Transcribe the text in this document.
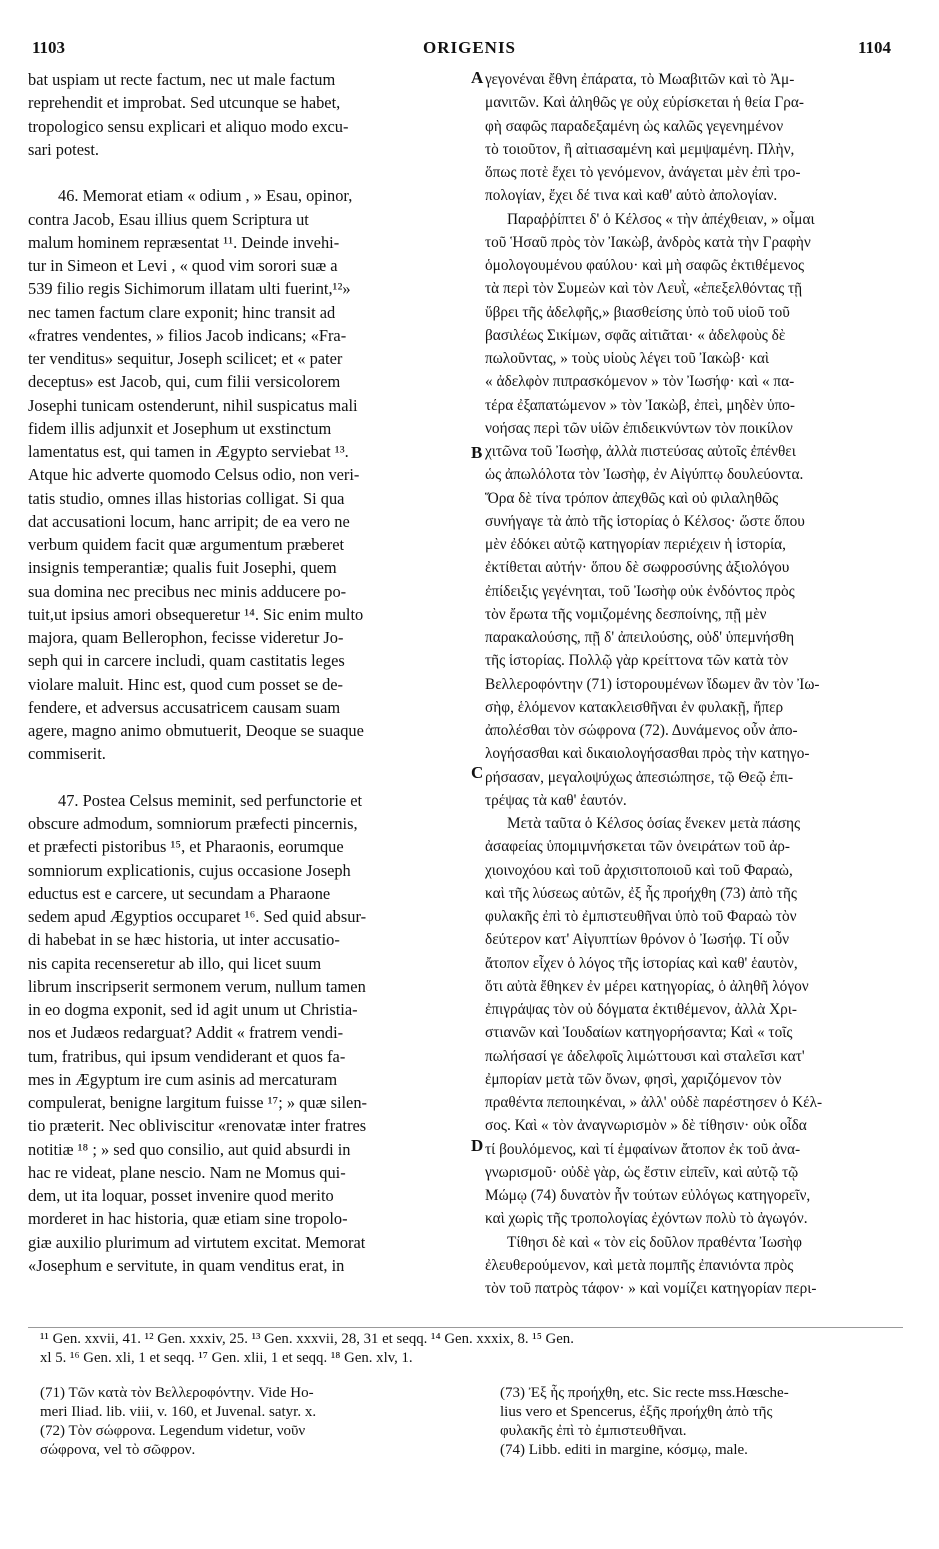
1103	ORIGENIS	1104
bat uspiam ut recte factum, nec ut male factum
reprehendit et improbat. Sed utcunque se habet,
tropologico sensu explicari et aliquo modo excu-
sari potest.
46. Memorat etiam « odium , » Esau, opinor,
contra Jacob, Esau illius quem Scriptura ut
malum hominem repræsentat ¹¹. Deinde invehi-
tur in Simeon et Levi , « quod vim sorori suæ a
539 filio regis Sichimorum illatam ulti fuerint,¹²»
nec tamen factum clare exponit; hinc transit ad
«fratres vendentes, » filios Jacob indicans; «Fra-
ter venditus» sequitur, Joseph scilicet; et « pater
deceptus» est Jacob, qui, cum filii versicolorem
Josephi tunicam ostenderunt, nihil suspicatus mali
fidem illis adjunxit et Josephum ut exstinctum
lamentatus est, qui tamen in Ægypto serviebat ¹³.
Atque hic adverte quomodo Celsus odio, non veri-
tatis studio, omnes illas historias colligat. Si qua
dat accusationi locum, hanc arripit; de ea vero ne
verbum quidem facit quæ argumentum præberet
insignis temperantiæ; qualis fuit Josephi, quem
sua domina nec precibus nec minis adducere po-
tuit,ut ipsius amori obsequeretur ¹⁴. Sic enim multo
majora, quam Bellerophon, fecisse videretur Jo-
seph qui in carcere includi, quam castitatis leges
violare maluit. Hinc est, quod cum posset se de-
fendere, et adversus accusatricem causam suam
agere, magno animo obmutuerit, Deoque se suaque
commiserit.
47. Postea Celsus meminit, sed perfunctorie et
obscure admodum, somniorum præfecti pincernis,
et præfecti pistoribus ¹⁵, et Pharaonis, eorumque
somniorum explicationis, cujus occasione Joseph
eductus est e carcere, ut secundam a Pharaone
sedem apud Ægyptios occuparet ¹⁶. Sed quid absur-
di habebat in se hæc historia, ut inter accusatio-
nis capita recenseretur ab illo, qui licet suum
librum inscripserit sermonem verum, nullum tamen
in eo dogma exponit, sed id agit unum ut Christia-
nos et Judæos redarguat? Addit « fratrem vendi-
tum, fratribus, qui ipsum vendiderant et quos fa-
mes in Ægyptum ire cum asinis ad mercaturam
compulerat, benigne largitum fuisse ¹⁷; » quæ silen-
tio præterit. Nec obliviscitur «renovatæ inter fratres
notitiæ ¹⁸ ; » sed quo consilio, aut quid absurdi in
hac re videat, plane nescio. Nam ne Momus qui-
dem, ut ita loquar, posset invenire quod merito
morderet in hac historia, quæ etiam sine tropolo-
giæ auxilio plurimum ad virtutem excitat. Memorat
«Josephum e servitute, in quam venditus erat, in
A
B
C
D
γεγονέναι ἔθνη ἐπάρατα, τὸ Μωαβιτῶν καὶ τὸ Ἀμ-
μανιτῶν. Καὶ ἀληθῶς γε οὐχ εὑρίσκεται ἡ θεία Γρα-
φὴ σαφῶς παραδεξαμένη ὡς καλῶς γεγενημένον
τὸ τοιοῦτον, ἢ αἰτιασαμένη καὶ μεμψαμένη. Πλὴν,
ὅπως ποτὲ ἔχει τὸ γενόμενον, ἀνάγεται μὲν ἐπὶ τρο-
πολογίαν, ἔχει δέ τινα καὶ καθ' αὑτὸ ἀπολογίαν.
Παραῤῥίπτει δ' ὁ Κέλσος « τὴν ἀπέχθειαν, » οἶμαι
τοῦ Ἡσαῦ πρὸς τὸν Ἰακὼβ, ἀνδρὸς κατὰ τὴν Γραφὴν
ὁμολογουμένου φαύλου· καὶ μὴ σαφῶς ἐκτιθέμενος
τὰ περὶ τὸν Συμεὼν καὶ τὸν Λευῒ, «ἐπεξελθόντας τῇ
ὕβρει τῆς ἀδελφῆς,» βιασθείσης ὑπὸ τοῦ υἱοῦ τοῦ
βασιλέως Σικίμων, σφᾶς αἰτιᾶται· « ἀδελφοὺς δὲ
πωλοῦντας, » τοὺς υἱοὺς λέγει τοῦ Ἰακὼβ· καὶ
« ἀδελφὸν πιπρασκόμενον » τὸν Ἰωσήφ· καὶ « πα-
τέρα ἐξαπατώμενον » τὸν Ἰακὼβ, ἐπεὶ, μηδὲν ὑπο-
νοήσας περὶ τῶν υἱῶν ἐπιδεικνύντων τὸν ποικίλον
χιτῶνα τοῦ Ἰωσὴφ, ἀλλὰ πιστεύσας αὐτοῖς ἐπένθει
ὡς ἀπωλόλοτα τὸν Ἰωσὴφ, ἐν Αἰγύπτῳ δουλεύοντα.
Ὅρα δὲ τίνα τρόπον ἀπεχθῶς καὶ οὐ φιλαληθῶς
συνήγαγε τὰ ἀπὸ τῆς ἱστορίας ὁ Κέλσος· ὥστε ὅπου
μὲν ἐδόκει αὐτῷ κατηγορίαν περιέχειν ἡ ἱστορία,
ἐκτίθεται αὐτήν· ὅπου δὲ σωφροσύνης ἀξιολόγου
ἐπίδειξις γεγένηται, τοῦ Ἰωσὴφ οὐκ ἐνδόντος πρὸς
τὸν ἔρωτα τῆς νομιζομένης δεσποίνης, πῇ μὲν
παρακαλούσης, πῇ δ' ἀπειλούσης, οὐδ' ὑπεμνήσθη
τῆς ἱστορίας. Πολλῷ γὰρ κρείττονα τῶν κατὰ τὸν
Βελλεροφόντην (71) ἱστορουμένων ἴδωμεν ἂν τὸν Ἰω-
σὴφ, ἑλόμενον κατακλεισθῆναι ἐν φυλακῇ, ἤπερ
ἀπολέσθαι τὸν σώφρονα (72). Δυνάμενος οὖν ἀπο-
λογήσασθαι καὶ δικαιολογήσασθαι πρὸς τὴν κατηγο-
ρήσασαν, μεγαλοψύχως ἀπεσιώπησε, τῷ Θεῷ ἐπι-
τρέψας τὰ καθ' ἑαυτόν.
Μετὰ ταῦτα ὁ Κέλσος ὁσίας ἕνεκεν μετὰ πάσης
ἀσαφείας ὑπομιμνήσκεται τῶν ὀνειράτων τοῦ ἀρ-
χιοινοχόου καὶ τοῦ ἀρχισιτοποιοῦ καὶ τοῦ Φαραὼ,
καὶ τῆς λύσεως αὐτῶν, ἐξ ἧς προήχθη (73) ἀπὸ τῆς
φυλακῆς ἐπὶ τὸ ἐμπιστευθῆναι ὑπὸ τοῦ Φαραὼ τὸν
δεύτερον κατ' Αἰγυπτίων θρόνον ὁ Ἰωσήφ. Τί οὖν
ἄτοπον εἶχεν ὁ λόγος τῆς ἱστορίας καὶ καθ' ἑαυτὸν,
ὅτι αὐτὰ ἔθηκεν ἐν μέρει κατηγορίας, ὁ ἀληθῆ λόγον
ἐπιγράψας τὸν οὐ δόγματα ἐκτιθέμενον, ἀλλὰ Χρι-
στιανῶν καὶ Ἰουδαίων κατηγορήσαντα; Καὶ « τοῖς
πωλήσασί γε ἀδελφοῖς λιμώττουσι καὶ σταλεῖσι κατ'
ἐμπορίαν μετὰ τῶν ὄνων, φησὶ, χαριζόμενον τὸν
πραθέντα πεποιηκέναι, » ἀλλ' οὐδὲ παρέστησεν ὁ Κέλ-
σος. Καὶ « τὸν ἀναγνωρισμὸν » δὲ τίθησιν· οὐκ οἶδα
τί βουλόμενος, καὶ τί ἐμφαίνων ἄτοπον ἐκ τοῦ ἀνα-
γνωρισμοῦ· οὐδὲ γὰρ, ὡς ἔστιν εἰπεῖν, καὶ αὐτῷ τῷ
Μώμῳ (74) δυνατὸν ἦν τούτων εὐλόγως κατηγορεῖν,
καὶ χωρὶς τῆς τροπολογίας ἐχόντων πολὺ τὸ ἀγωγόν.
Τίθησι δὲ καὶ « τὸν εἰς δοῦλον πραθέντα Ἰωσὴφ
ἐλευθερούμενον, καὶ μετὰ πομπῆς ἐπανιόντα πρὸς
τὸν τοῦ πατρὸς τάφον· » καὶ νομίζει κατηγορίαν περι-
¹¹ Gen. xxvii, 41. ¹² Gen. xxxiv, 25. ¹³ Gen. xxxvii, 28, 31 et seqq. ¹⁴ Gen. xxxix, 8. ¹⁵ Gen.
xl 5. ¹⁶ Gen. xli, 1 et seqq. ¹⁷ Gen. xlii, 1 et seqq. ¹⁸ Gen. xlv, 1.
(71) Τῶν κατὰ τὸν Βελλεροφόντην. Vide Ho-
meri Iliad. lib. viii, v. 160, et Juvenal. satyr. x.
(72) Τὸν σώφρονα. Legendum videtur, νοῦν
σώφρονα, vel τὸ σῶφρον.
(73) Ἐξ ἧς προήχθη, etc. Sic recte mss.Hœsche-
lius vero et Spencerus, ἐξῆς προήχθη ἀπὸ τῆς
φυλακῆς ἐπὶ τὸ ἐμπιστευθῆναι.
(74) Libb. editi in margine, κόσμῳ, male.
